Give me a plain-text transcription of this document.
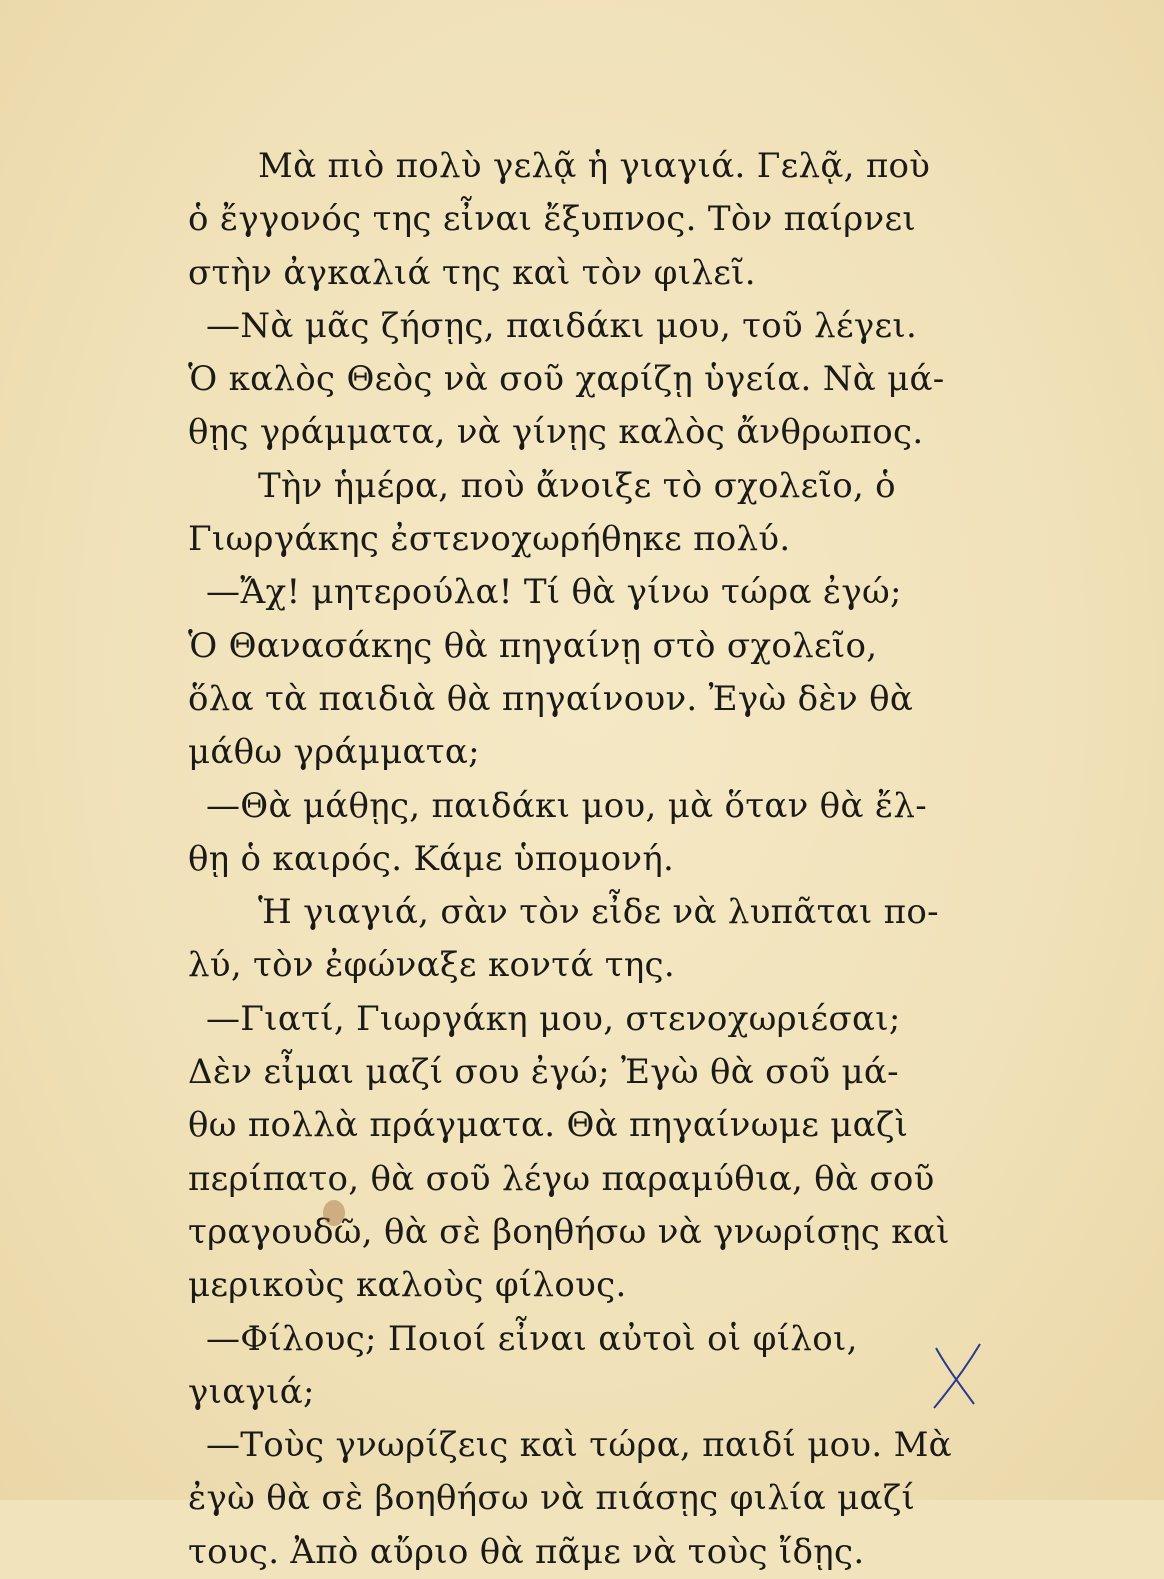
Μὰ πιὸ πολὺ γελᾷ ἡ γιαγιά. Γελᾷ, ποὺ
ὁ ἔγγονός της εἶναι ἔξυπνος. Τὸν παίρνει
στὴν ἀγκαλιά της καὶ τὸν φιλεῖ.
—Νὰ μᾶς ζήσῃς, παιδάκι μου, τοῦ λέγει.
Ὁ καλὸς Θεὸς νὰ σοῦ χαρίζῃ ὑγεία. Νὰ μά-
θῃς γράμματα, νὰ γίνῃς καλὸς ἄνθρωπος.
Τὴν ἡμέρα, ποὺ ἄνοιξε τὸ σχολεῖο, ὁ
Γιωργάκης ἐστενοχωρήθηκε πολύ.
—Ἄχ! μητερούλα! Τί θὰ γίνω τώρα ἐγώ;
Ὁ Θανασάκης θὰ πηγαίνῃ στὸ σχολεῖο,
ὅλα τὰ παιδιὰ θὰ πηγαίνουν. Ἐγὼ δὲν θὰ
μάθω γράμματα;
—Θὰ μάθῃς, παιδάκι μου, μὰ ὅταν θὰ ἔλ-
θῃ ὁ καιρός. Κάμε ὑπομονή.
Ἡ γιαγιά, σὰν τὸν εἶδε νὰ λυπᾶται πο-
λύ, τὸν ἐφώναξε κοντά της.
—Γιατί, Γιωργάκη μου, στενοχωριέσαι;
Δὲν εἶμαι μαζί σου ἐγώ; Ἐγὼ θὰ σοῦ μά-
θω πολλὰ πράγματα. Θὰ πηγαίνωμε μαζὶ
περίπατο, θὰ σοῦ λέγω παραμύθια, θὰ σοῦ
τραγουδῶ, θὰ σὲ βοηθήσω νὰ γνωρίσῃς καὶ
μερικοὺς καλοὺς φίλους.
—Φίλους; Ποιοί εἶναι αὐτοὶ οἱ φίλοι,
γιαγιά;
—Τοὺς γνωρίζεις καὶ τώρα, παιδί μου. Μὰ
ἐγὼ θὰ σὲ βοηθήσω νὰ πιάσῃς φιλία μαζί
τους. Ἀπὸ αὔριο θὰ πᾶμε νὰ τοὺς ἴδῃς.
